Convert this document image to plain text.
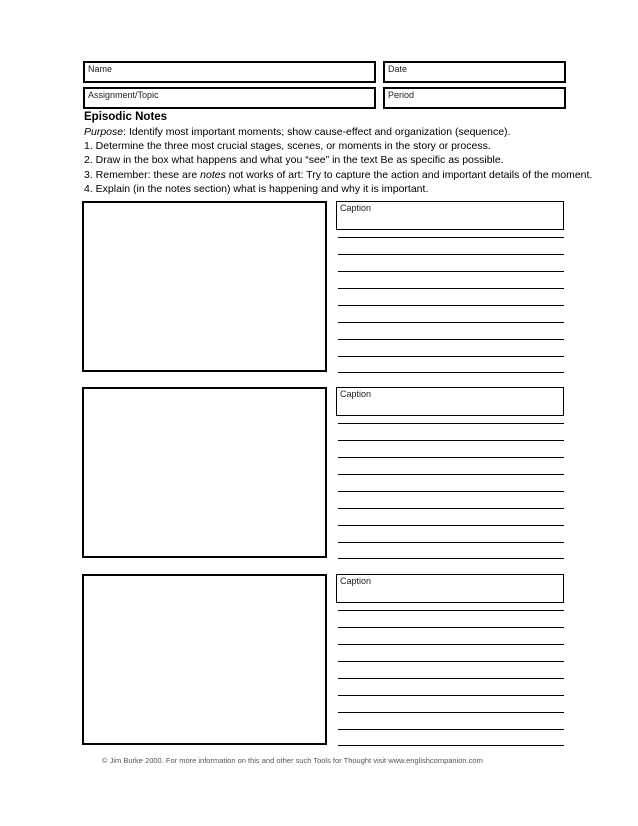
Name	Date
Assignment/Topic	Period

Episodic Notes

Purpose: Identify most important moments; show cause-effect and organization (sequence).

1. Determine the three most crucial stages, scenes, or moments in the story or process.

2. Draw in the box what happens and what you “see” in the text Be as specific as possible.

3. Remember: these are notes not works of art: Try to capture the action and important details of the moment.

4. Explain (in the notes section) what is happening and why it is important.

Caption
Caption
Caption
© Jim Burke 2000. For more information on this and other such Tools for Thought visit www.englishcompanion.com
